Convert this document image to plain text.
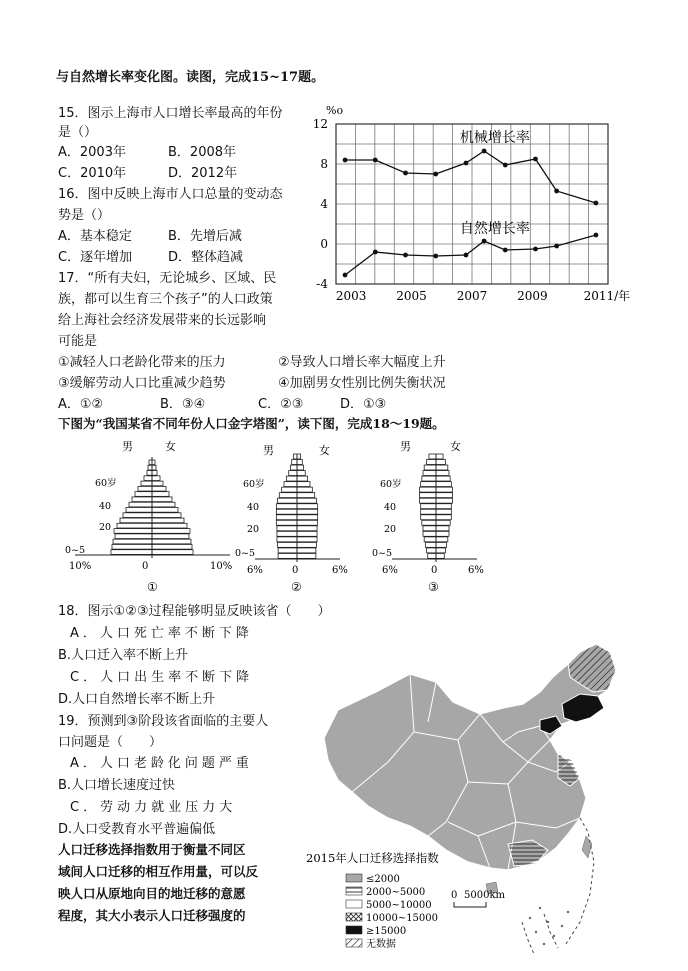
与自然增长率变化图。读图，完成15~17题。
15．图示上海市人口增长率最高的年份
是（）
A．2003年	B．2008年
C．2010年	D．2012年
16．图中反映上海市人口总量的变动态
势是（）
A．基本稳定	B．先增后减
C．逐年增加	D．整体趋减
17．“所有夫妇，无论城乡、区域、民
族，都可以生育三个孩子”的人口政策
给上海社会经济发展带来的长远影响
可能是
①减轻人口老龄化带来的压力	②导致人口增长率大幅度上升
③缓解劳动人口比重减少趋势	④加剧男女性别比例失衡状况
A．①②	B．③④	C．②③	D．①③
下图为“我国某省不同年份人口金字塔图”，读下图，完成18～19题。
18．图示①②③过程能够明显反映该省（　　）
A．人口死亡率不断下降
B.人口迁入率不断上升
C．人口出生率不断下降
D.人口自然增长率不断上升
19．预测到③阶段该省面临的主要人
口问题是（　　）
A．人口老龄化问题严重
B.人口增长速度过快
C．劳动力就业压力大
D.人口受教育水平普遍偏低
人口迁移选择指数用于衡量不同区
域间人口迁移的相互作用量，可以反
映人口从原地向目的地迁移的意愿
程度，其大小表示人口迁移强度的
12
8
4
0
-4
2003 2005 2007 2009	2011/年
%o
机械增长率
自然增长率
男	女
10%	0	10%
①
60岁
40
20
0~5
男	女
6%	0	6%
②
60岁
40
20
0~5
男	女
6%	0	6%
③
60岁
40
20
0~5
2015年人口迁移选择指数
≤2000
2000~5000
5000~10000
10000~15000
≥15000
无数据
0 5000km
